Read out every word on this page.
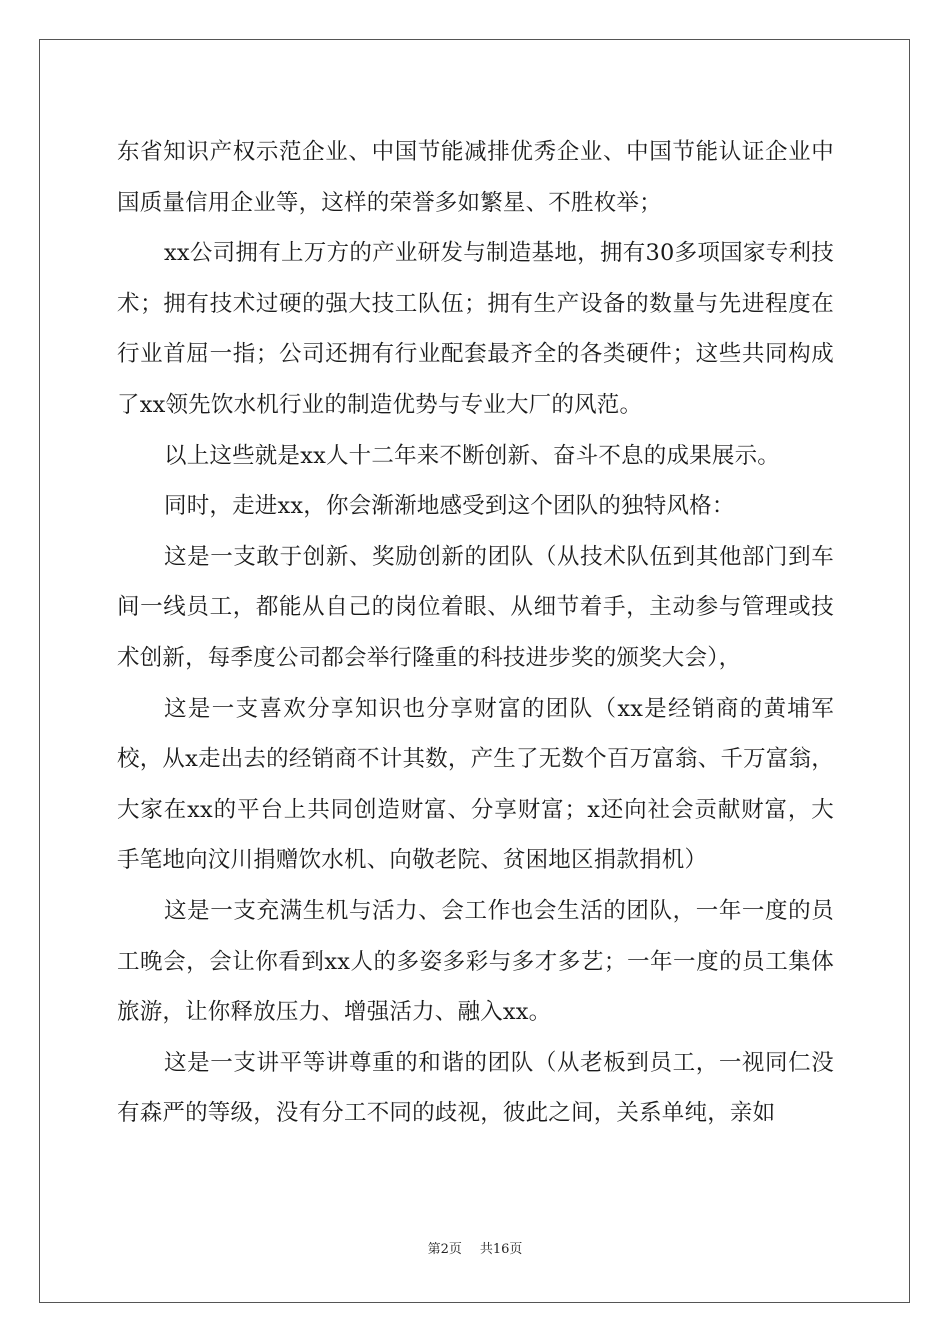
东省知识产权示范企业、中国节能减排优秀企业、中国节能认证企业中国质量信用企业等，这样的荣誉多如繁星、不胜枚举；

xx公司拥有上万方的产业研发与制造基地，拥有30多项国家专利技术；拥有技术过硬的强大技工队伍；拥有生产设备的数量与先进程度在行业首屈一指；公司还拥有行业配套最齐全的各类硬件；这些共同构成了xx领先饮水机行业的制造优势与专业大厂的风范。

以上这些就是xx人十二年来不断创新、奋斗不息的成果展示。

同时，走进xx，你会渐渐地感受到这个团队的独特风格：

这是一支敢于创新、奖励创新的团队（从技术队伍到其他部门到车间一线员工，都能从自己的岗位着眼、从细节着手，主动参与管理或技术创新，每季度公司都会举行隆重的科技进步奖的颁奖大会），

这是一支喜欢分享知识也分享财富的团队（xx是经销商的黄埔军校，从x走出去的经销商不计其数，产生了无数个百万富翁、千万富翁，大家在xx的平台上共同创造财富、分享财富；x还向社会贡献财富，大手笔地向汶川捐赠饮水机、向敬老院、贫困地区捐款捐机）

这是一支充满生机与活力、会工作也会生活的团队，一年一度的员工晚会，会让你看到xx人的多姿多彩与多才多艺；一年一度的员工集体旅游，让你释放压力、增强活力、融入xx。

这是一支讲平等讲尊重的和谐的团队（从老板到员工，一视同仁没有森严的等级，没有分工不同的歧视，彼此之间，关系单纯，亲如

第2页 共16页
